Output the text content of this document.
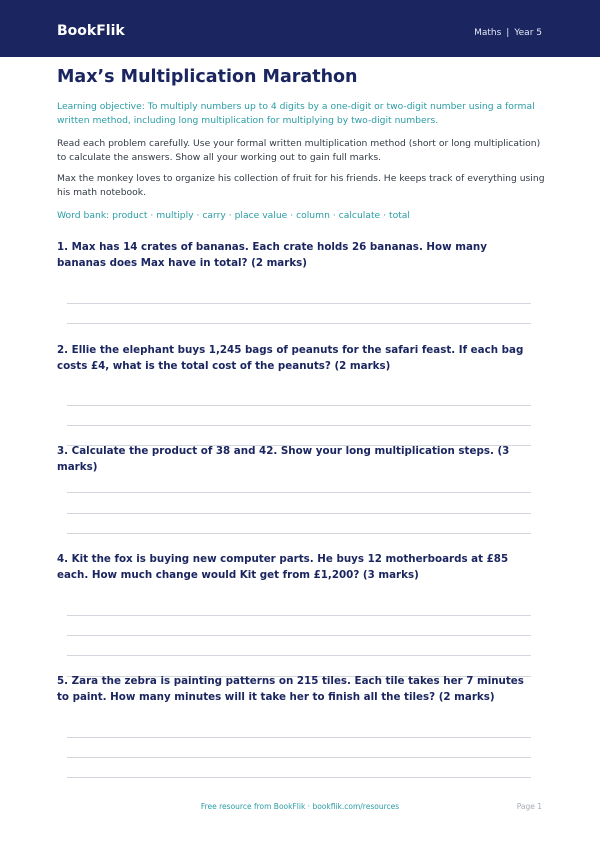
BookFlik	Maths | Year 5
Max’s Multiplication Marathon
Learning objective: To multiply numbers up to 4 digits by a one-digit or two-digit number using a formal written method, including long multiplication for multiplying by two-digit numbers.
Read each problem carefully. Use your formal written multiplication method (short or long multiplication) to calculate the answers. Show all your working out to gain full marks.
Max the monkey loves to organize his collection of fruit for his friends. He keeps track of everything using his math notebook.
Word bank: product · multiply · carry · place value · column · calculate · total
1. Max has 14 crates of bananas. Each crate holds 26 bananas. How many bananas does Max have in total? (2 marks)
2. Ellie the elephant buys 1,245 bags of peanuts for the safari feast. If each bag costs £4, what is the total cost of the peanuts? (2 marks)
3. Calculate the product of 38 and 42. Show your long multiplication steps. (3 marks)
4. Kit the fox is buying new computer parts. He buys 12 motherboards at £85 each. How much change would Kit get from £1,200? (3 marks)
5. Zara the zebra is painting patterns on 215 tiles. Each tile takes her 7 minutes to paint. How many minutes will it take her to finish all the tiles? (2 marks)
Free resource from BookFlik · bookflik.com/resources	Page 1
